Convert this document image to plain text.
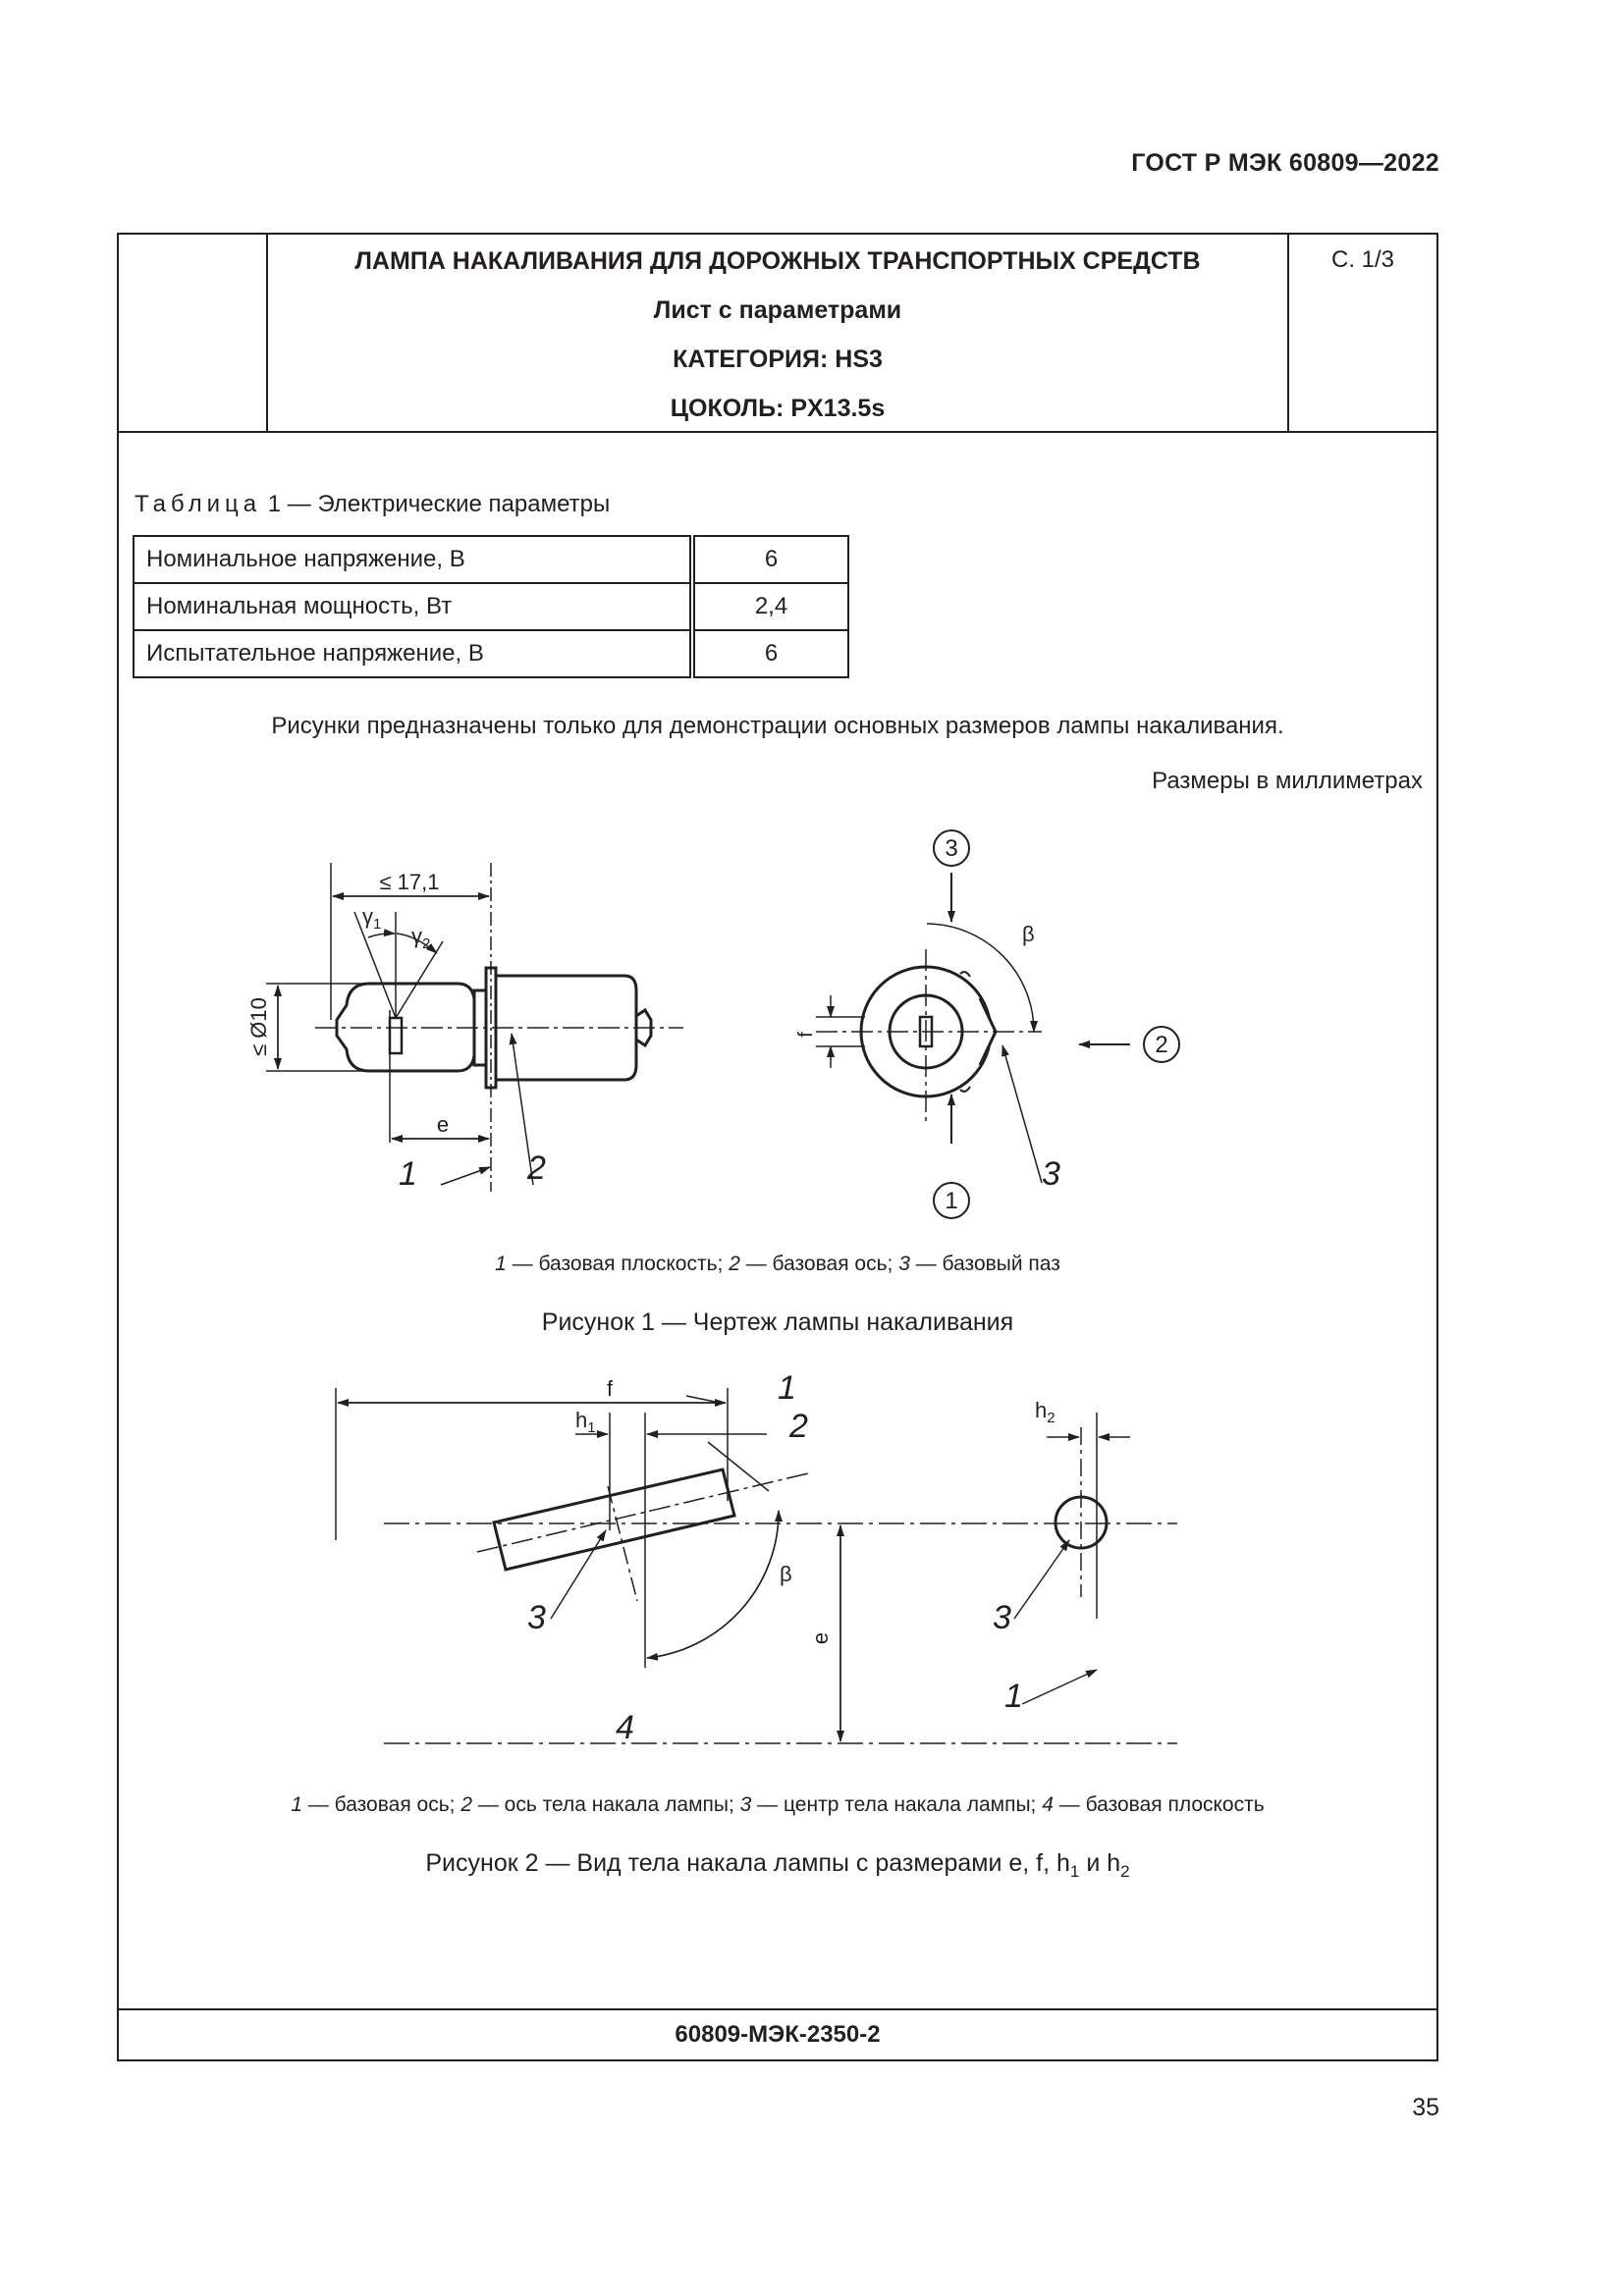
ГОСТ Р МЭК 60809—2022
ЛАМПА НАКАЛИВАНИЯ ДЛЯ ДОРОЖНЫХ ТРАНСПОРТНЫХ СРЕДСТВ
Лист с параметрами
КАТЕГОРИЯ: HS3
ЦОКОЛЬ: PX13.5s
С. 1/3
Таблица 1 — Электрические параметры
Номинальное напряжение, В	6
Номинальная мощность, Вт	2,4
Испытательное напряжение, В	6
Рисунки предназначены только для демонстрации основных размеров лампы накаливания.
Размеры в миллиметрах
≤ 17,1
≤ Ø10
$\gamma_1$ $\gamma_2$
e
1	2
f
β
3
3
1
2
f
$h_1$
$h_2$
e
β
1
2
3	3
1
4
1 — базовая плоскость; 2 — базовая ось; 3 — базовый паз
Рисунок 1 — Чертеж лампы накаливания
1 — базовая ось; 2 — ось тела накала лампы; 3 — центр тела накала лампы; 4 — базовая плоскость
Рисунок 2 — Вид тела накала лампы с размерами e, f, $h_1$ и $h_2$
60809-МЭК-2350-2
35
